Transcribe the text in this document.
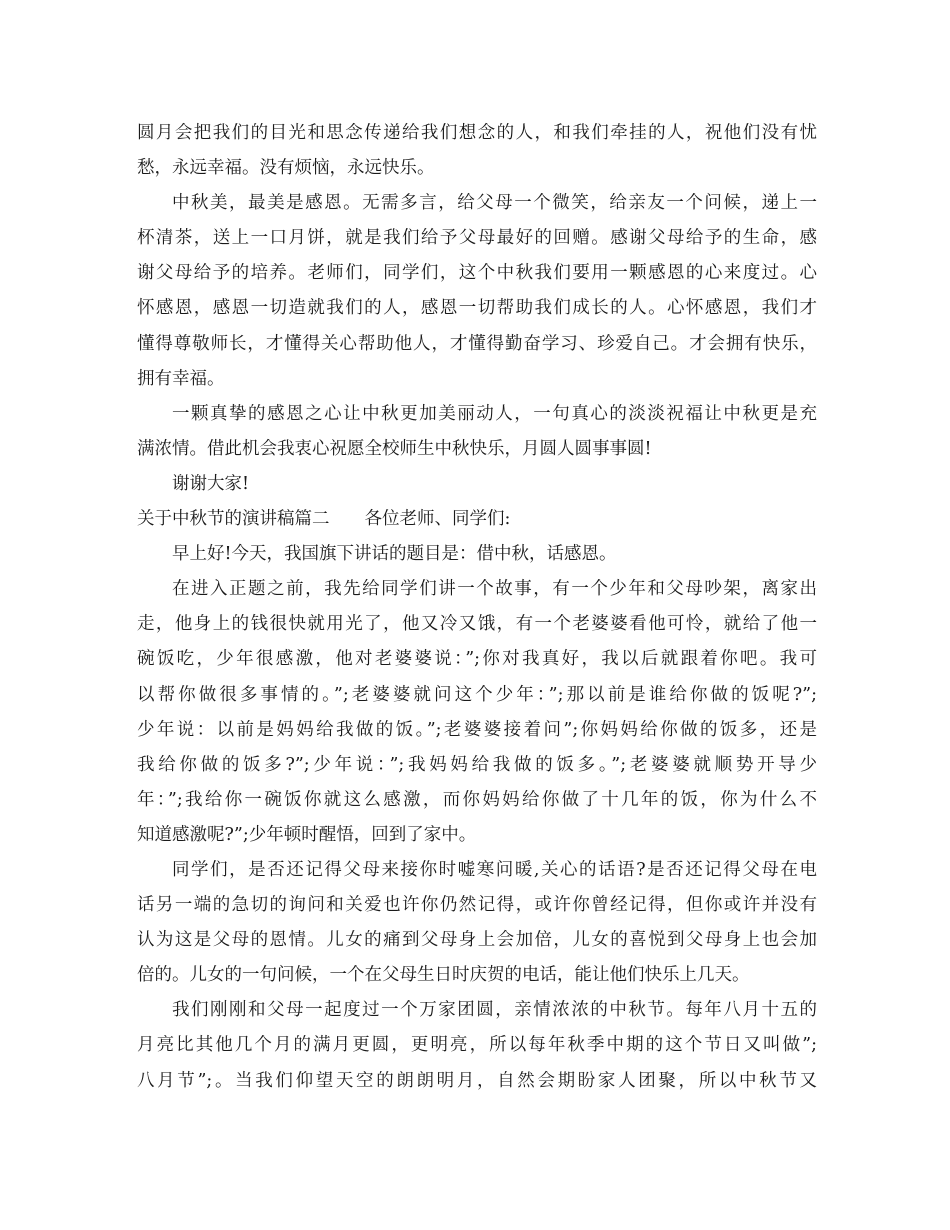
圆月会把我们的目光和思念传递给我们想念的人，和我们牵挂的人，祝他们没有忧
愁，永远幸福。没有烦恼，永远快乐。
中秋美，最美是感恩。无需多言，给父母一个微笑，给亲友一个问候，递上一
杯清茶，送上一口月饼，就是我们给予父母最好的回赠。感谢父母给予的生命，感
谢父母给予的培养。老师们，同学们，这个中秋我们要用一颗感恩的心来度过。心
怀感恩，感恩一切造就我们的人，感恩一切帮助我们成长的人。心怀感恩，我们才
懂得尊敬师长，才懂得关心帮助他人，才懂得勤奋学习、珍爱自己。才会拥有快乐，
拥有幸福。
一颗真挚的感恩之心让中秋更加美丽动人，一句真心的淡淡祝福让中秋更是充
满浓情。借此机会我衷心祝愿全校师生中秋快乐，月圆人圆事事圆!
谢谢大家!
关于中秋节的演讲稿篇二　　各位老师、同学们:
早上好!今天，我国旗下讲话的题目是：借中秋，话感恩。
在进入正题之前，我先给同学们讲一个故事，有一个少年和父母吵架，离家出
走，他身上的钱很快就用光了，他又冷又饿，有一个老婆婆看他可怜，就给了他一
碗饭吃，少年很感激，他对老婆婆说：”;你对我真好，我以后就跟着你吧。我可
以帮你做很多事情的。”;老婆婆就问这个少年：”;那以前是谁给你做的饭呢?”;
少年说：以前是妈妈给我做的饭。”;老婆婆接着问”;你妈妈给你做的饭多，还是
我给你做的饭多?”;少年说：”;我妈妈给我做的饭多。”;老婆婆就顺势开导少
年：”;我给你一碗饭你就这么感激，而你妈妈给你做了十几年的饭，你为什么不
知道感激呢?”;少年顿时醒悟，回到了家中。
同学们，是否还记得父母来接你时嘘寒问暖,关心的话语?是否还记得父母在电
话另一端的急切的询问和关爱也许你仍然记得，或许你曾经记得，但你或许并没有
认为这是父母的恩情。儿女的痛到父母身上会加倍，儿女的喜悦到父母身上也会加
倍的。儿女的一句问候，一个在父母生日时庆贺的电话，能让他们快乐上几天。
我们刚刚和父母一起度过一个万家团圆，亲情浓浓的中秋节。每年八月十五的
月亮比其他几个月的满月更圆，更明亮，所以每年秋季中期的这个节日又叫做”;
八月节”;。当我们仰望天空的朗朗明月，自然会期盼家人团聚，所以中秋节又
